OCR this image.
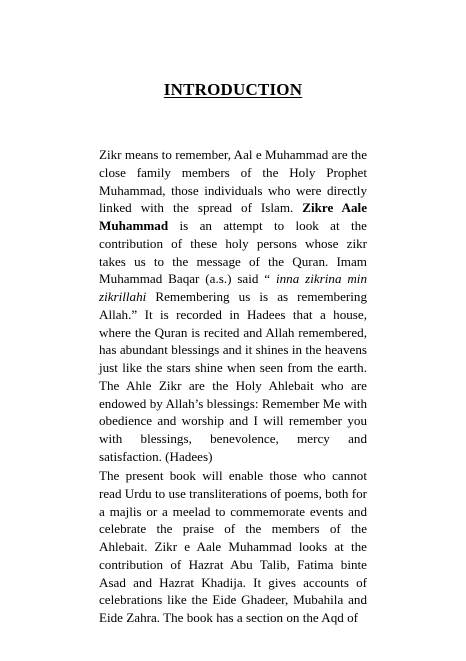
INTRODUCTION

Zikr means to remember, Aal e Muhammad are the close family members of the Holy Prophet Muhammad, those individuals who were directly linked with the spread of Islam. Zikre Aale Muhammad is an attempt to look at the contribution of these holy persons whose zikr takes us to the message of the Quran. Imam Muhammad Baqar (a.s.) said “ inna zikrina min zikrillahi Remembering us is as remembering Allah.” It is recorded in Hadees that a house, where the Quran is recited and Allah remembered, has abundant blessings and it shines in the heavens just like the stars shine when seen from the earth. The Ahle Zikr are the Holy Ahlebait who are endowed by Allah’s blessings: Remember Me with obedience and worship and I will remember you with blessings, benevolence, mercy and satisfaction. (Hadees)

The present book will enable those who cannot read Urdu to use transliterations of poems, both for a majlis or a meelad to commemorate events and celebrate the praise of the members of the Ahlebait. Zikr e Aale Muhammad looks at the contribution of Hazrat Abu Talib, Fatima binte Asad and Hazrat Khadija. It gives accounts of celebrations like the Eide Ghadeer, Mubahila and Eide Zahra. The book has a section on the Aqd of
